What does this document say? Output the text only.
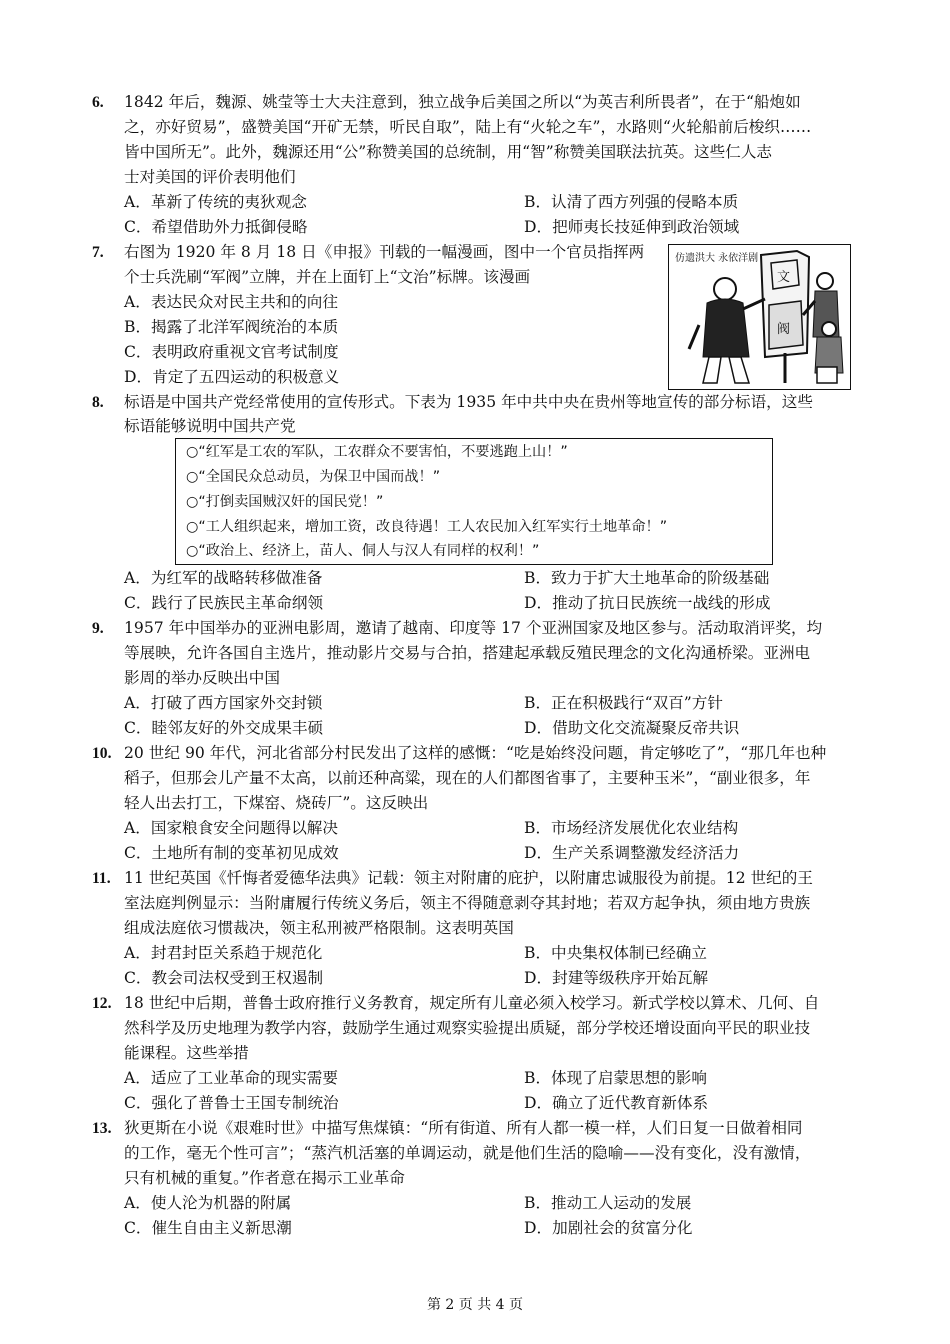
6. 1842 年后，魏源、姚莹等士大夫注意到，独立战争后美国之所以“为英吉利所畏者”，在于“船炮如
之，亦好贸易”，盛赞美国“开矿无禁，听民自取”，陆上有“火轮之车”，水路则“火轮船前后梭织……
皆中国所无”。此外，魏源还用“公”称赞美国的总统制，用“智”称赞美国联法抗英。这些仁人志
士对美国的评价表明他们
A．革新了传统的夷狄观念	B．认清了西方列强的侵略本质
C．希望借助外力抵御侵略	D．把师夷长技延伸到政治领域
7. 右图为 1920 年 8 月 18 日《申报》刊载的一幅漫画，图中一个官员指挥两
个士兵洗刷“军阀”立牌，并在上面钉上“文治”标牌。该漫画
A．表达民众对民主共和的向往
B．揭露了北洋军阀统治的本质
C．表明政府重视文官考试制度
D．肯定了五四运动的积极意义
仿遗洪大 永依洋剧
文
阀
8. 标语是中国共产党经常使用的宣传形式。下表为 1935 年中共中央在贵州等地宣传的部分标语，这些
标语能够说明中国共产党
○“红军是工农的军队，工农群众不要害怕，不要逃跑上山！”
○“全国民众总动员，为保卫中国而战！”
○“打倒卖国贼汉奸的国民党！”
○“工人组织起来，增加工资，改良待遇！工人农民加入红军实行土地革命！”
○“政治上、经济上，苗人、侗人与汉人有同样的权利！”
A．为红军的战略转移做准备	B．致力于扩大土地革命的阶级基础
C．践行了民族民主革命纲领	D．推动了抗日民族统一战线的形成
9. 1957 年中国举办的亚洲电影周，邀请了越南、印度等 17 个亚洲国家及地区参与。活动取消评奖，均
等展映，允许各国自主选片，推动影片交易与合拍，搭建起承载反殖民理念的文化沟通桥梁。亚洲电
影周的举办反映出中国
A．打破了西方国家外交封锁	B．正在积极践行“双百”方针
C．睦邻友好的外交成果丰硕	D．借助文化交流凝聚反帝共识
10. 20 世纪 90 年代，河北省部分村民发出了这样的感慨：“吃是始终没问题，肯定够吃了”，“那几年也种
稻子，但那会儿产量不太高，以前还种高粱，现在的人们都图省事了，主要种玉米”，“副业很多，年
轻人出去打工，下煤窑、烧砖厂”。这反映出
A．国家粮食安全问题得以解决	B．市场经济发展优化农业结构
C．土地所有制的变革初见成效	D．生产关系调整激发经济活力
11. 11 世纪英国《忏悔者爱德华法典》记载：领主对附庸的庇护，以附庸忠诚服役为前提。12 世纪的王
室法庭判例显示：当附庸履行传统义务后，领主不得随意剥夺其封地；若双方起争执，须由地方贵族
组成法庭依习惯裁决，领主私刑被严格限制。这表明英国
A．封君封臣关系趋于规范化	B．中央集权体制已经确立
C．教会司法权受到王权遏制	D．封建等级秩序开始瓦解
12. 18 世纪中后期，普鲁士政府推行义务教育，规定所有儿童必须入校学习。新式学校以算术、几何、自
然科学及历史地理为教学内容，鼓励学生通过观察实验提出质疑，部分学校还增设面向平民的职业技
能课程。这些举措
A．适应了工业革命的现实需要	B．体现了启蒙思想的影响
C．强化了普鲁士王国专制统治	D．确立了近代教育新体系
13. 狄更斯在小说《艰难时世》中描写焦煤镇：“所有街道、所有人都一模一样，人们日复一日做着相同
的工作，毫无个性可言”；“蒸汽机活塞的单调运动，就是他们生活的隐喻——没有变化，没有激情，
只有机械的重复。”作者意在揭示工业革命
A．使人沦为机器的附属	B．推动工人运动的发展
C．催生自由主义新思潮	D．加剧社会的贫富分化
第 2 页 共 4 页
